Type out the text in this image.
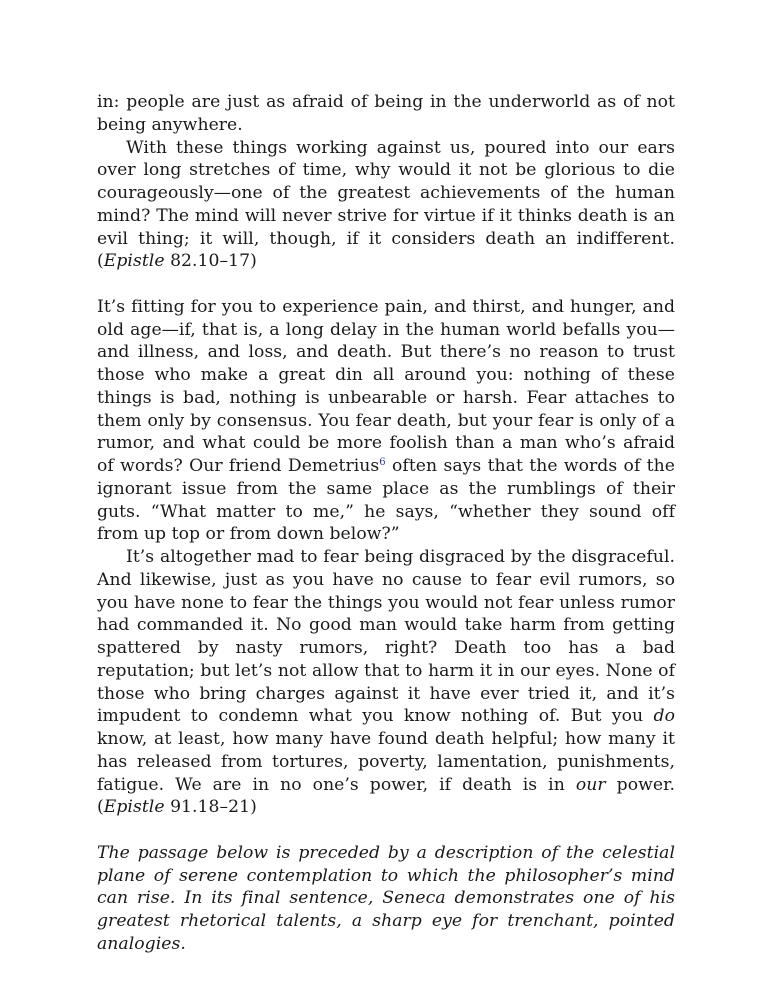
in: people are just as afraid of being in the underworld as of not being anywhere.

With these things working against us, poured into our ears over long stretches of time, why would it not be glorious to die courageously—one of the greatest achievements of the human mind? The mind will never strive for virtue if it thinks death is an evil thing; it will, though, if it considers death an indifferent. (Epistle 82.10–17)

It’s fitting for you to experience pain, and thirst, and hunger, and old age—if, that is, a long delay in the human world befalls you—and illness, and loss, and death. But there’s no reason to trust those who make a great din all around you: nothing of these things is bad, nothing is unbearable or harsh. Fear attaches to them only by consensus. You fear death, but your fear is only of a rumor, and what could be more foolish than a man who’s afraid of words? Our friend Demetrius$^6$ often says that the words of the ignorant issue from the same place as the rumblings of their guts. “What matter to me,” he says, “whether they sound off from up top or from down below?”

It’s altogether mad to fear being disgraced by the disgraceful. And likewise, just as you have no cause to fear evil rumors, so you have none to fear the things you would not fear unless rumor had commanded it. No good man would take harm from getting spattered by nasty rumors, right? Death too has a bad reputation; but let’s not allow that to harm it in our eyes. None of those who bring charges against it have ever tried it, and it’s impudent to condemn what you know nothing of. But you do know, at least, how many have found death helpful; how many it has released from tortures, poverty, lamentation, punishments, fatigue. We are in no one’s power, if death is in our power. (Epistle 91.18–21)

The passage below is preceded by a description of the celestial plane of serene contemplation to which the philosopher’s mind can rise. In its final sentence, Seneca demonstrates one of his greatest rhetorical talents, a sharp eye for trenchant, pointed analogies.
